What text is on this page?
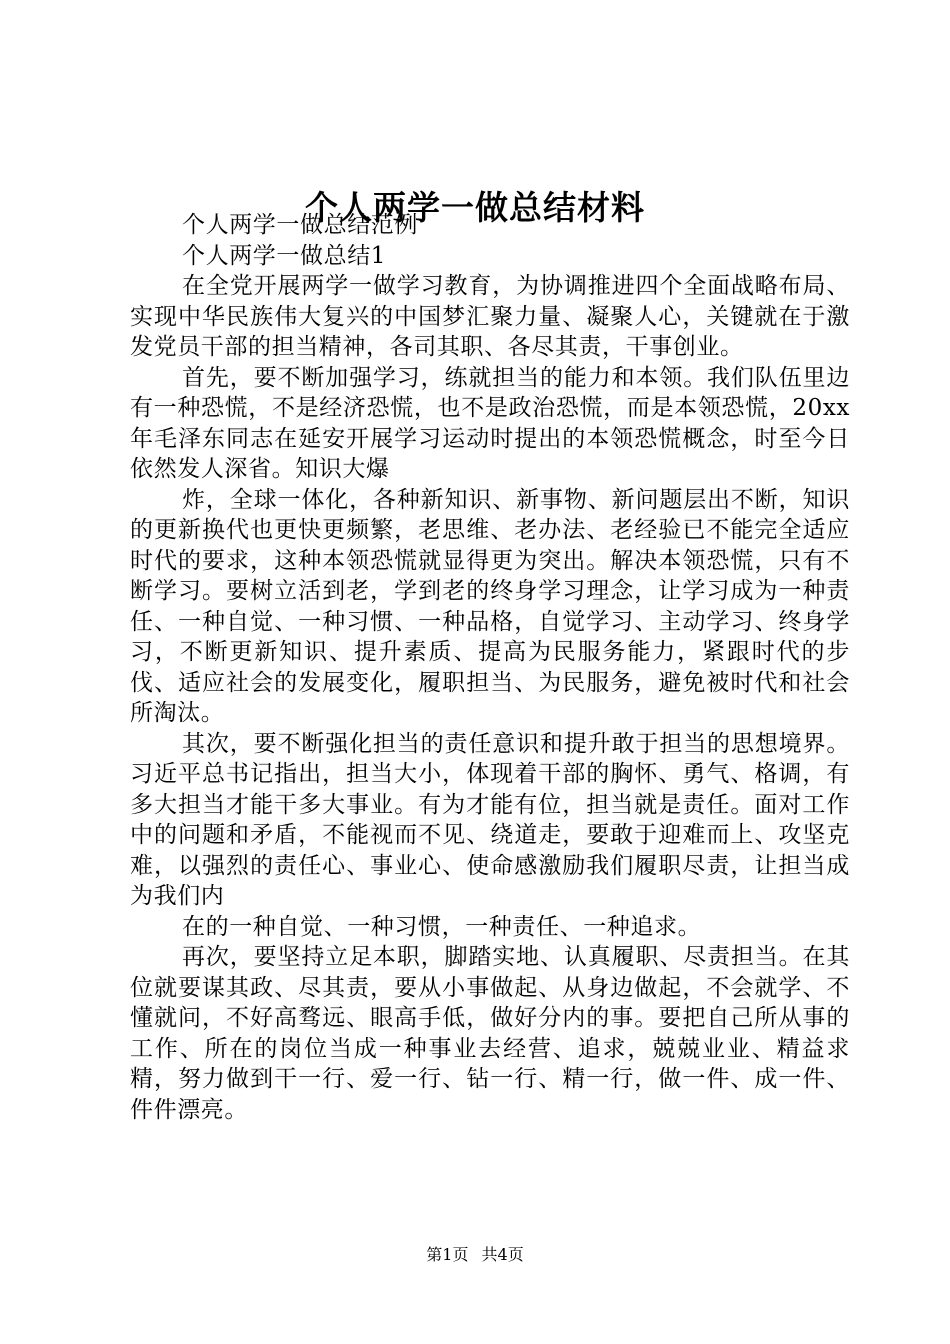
个人两学一做总结材料

个人两学一做总结范例

个人两学一做总结1

在全党开展两学一做学习教育，为协调推进四个全面战略布局、实现中华民族伟大复兴的中国梦汇聚力量、凝聚人心，关键就在于激发党员干部的担当精神，各司其职、各尽其责，干事创业。

首先，要不断加强学习，练就担当的能力和本领。我们队伍里边有一种恐慌，不是经济恐慌，也不是政治恐慌，而是本领恐慌，20xx年毛泽东同志在延安开展学习运动时提出的本领恐慌概念，时至今日依然发人深省。知识大爆

炸，全球一体化，各种新知识、新事物、新问题层出不断，知识的更新换代也更快更频繁，老思维、老办法、老经验已不能完全适应时代的要求，这种本领恐慌就显得更为突出。解决本领恐慌，只有不断学习。要树立活到老，学到老的终身学习理念，让学习成为一种责任、一种自觉、一种习惯、一种品格，自觉学习、主动学习、终身学习，不断更新知识、提升素质、提高为民服务能力，紧跟时代的步伐、适应社会的发展变化，履职担当、为民服务，避免被时代和社会所淘汰。

其次，要不断强化担当的责任意识和提升敢于担当的思想境界。习近平总书记指出，担当大小，体现着干部的胸怀、勇气、格调，有多大担当才能干多大事业。有为才能有位，担当就是责任。面对工作中的问题和矛盾，不能视而不见、绕道走，要敢于迎难而上、攻坚克难，以强烈的责任心、事业心、使命感激励我们履职尽责，让担当成为我们内

在的一种自觉、一种习惯，一种责任、一种追求。

再次，要坚持立足本职，脚踏实地、认真履职、尽责担当。在其位就要谋其政、尽其责，要从小事做起、从身边做起，不会就学、不懂就问，不好高骛远、眼高手低，做好分内的事。要把自己所从事的工作、所在的岗位当成一种事业去经营、追求，兢兢业业、精益求精，努力做到干一行、爱一行、钻一行、精一行，做一件、成一件、件件漂亮。

第1页 共4页
